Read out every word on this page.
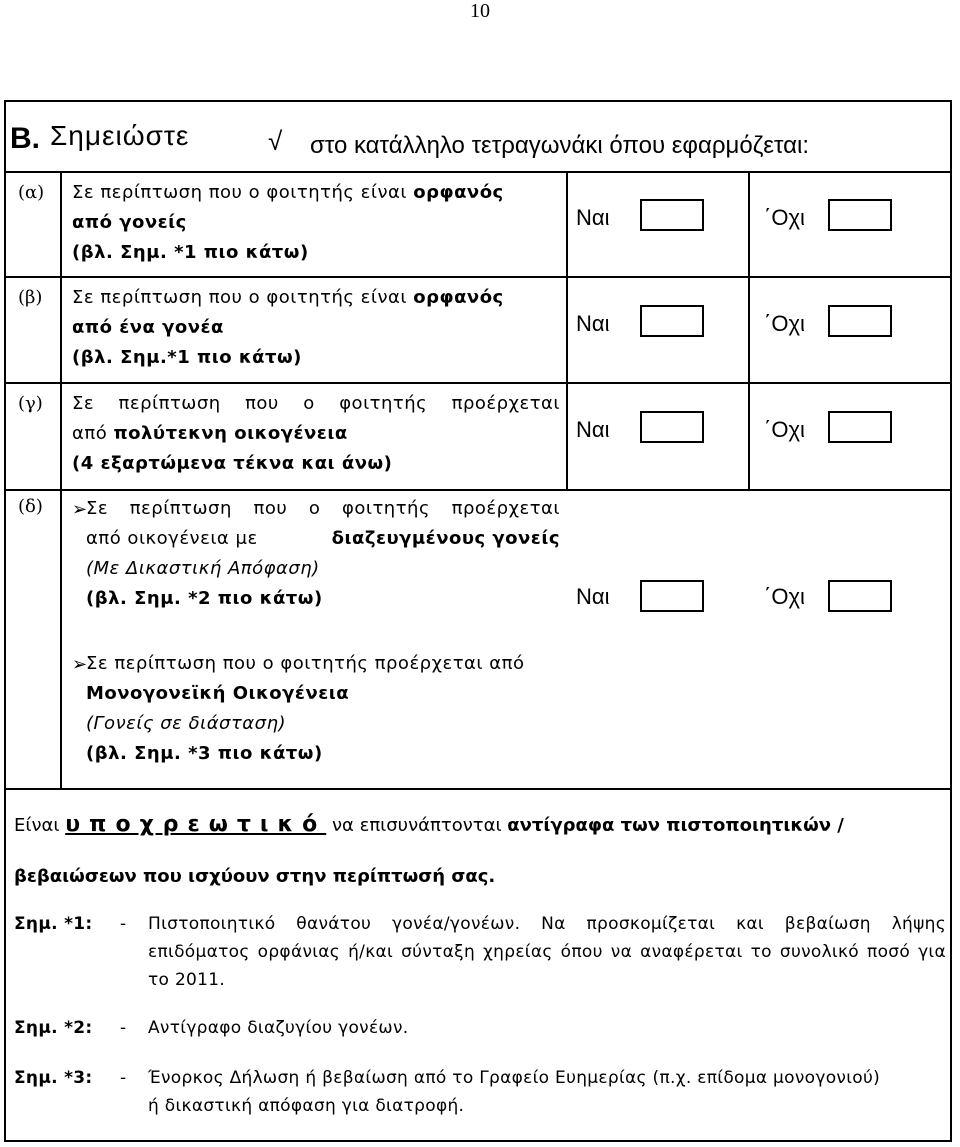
10
Β. Σημειώστε	√ στο κατάλληλο τετραγωνάκι όπου εφαρμόζεται:
(α) Σε περίπτωση που ο φοιτητής είναι ορφανός
από γονείς
(βλ. Σημ. *1 πιο κάτω)
Ναι	΄Οχι
(β) Σε περίπτωση που ο φοιτητής είναι ορφανός
από ένα γονέα
(βλ. Σημ.*1 πιο κάτω)
Ναι	΄Οχι
(γ) Σε περίπτωση που ο φοιτητής προέρχεται
από πολύτεκνη οικογένεια
(4 εξαρτώμενα τέκνα και άνω)
Ναι	΄Οχι
(δ) ➢
Σε περίπτωση που ο φοιτητής προέρχεται
από οικογένεια με	διαζευγμένους γονείς
(Με Δικαστική Απόφαση)
(βλ. Σημ. *2 πιο κάτω)	Ναι	΄Οχι
➢
Σε περίπτωση που ο φοιτητής προέρχεται από
Μονογονεϊκή Οικογένεια
(Γονείς σε διάσταση)
(βλ. Σημ. *3 πιο κάτω)
Είναι υποχρεωτικό να επισυνάπτονται αντίγραφα των πιστοποιητικών /
βεβαιώσεων που ισχύουν στην περίπτωσή σας.
Σημ. *1: - Πιστοποιητικό θανάτου γονέα/γονέων. Να προσκομίζεται και βεβαίωση λήψης
επιδόματος ορφάνιας ή/και σύνταξη χηρείας όπου να αναφέρεται το συνολικό ποσό για
το 2011.
Σημ. *2: - Αντίγραφο διαζυγίου γονέων.
Σημ. *3: - Ένορκος Δήλωση ή βεβαίωση από το Γραφείο Ευημερίας (π.χ. επίδομα μονογονιού)
ή δικαστική απόφαση για διατροφή.
